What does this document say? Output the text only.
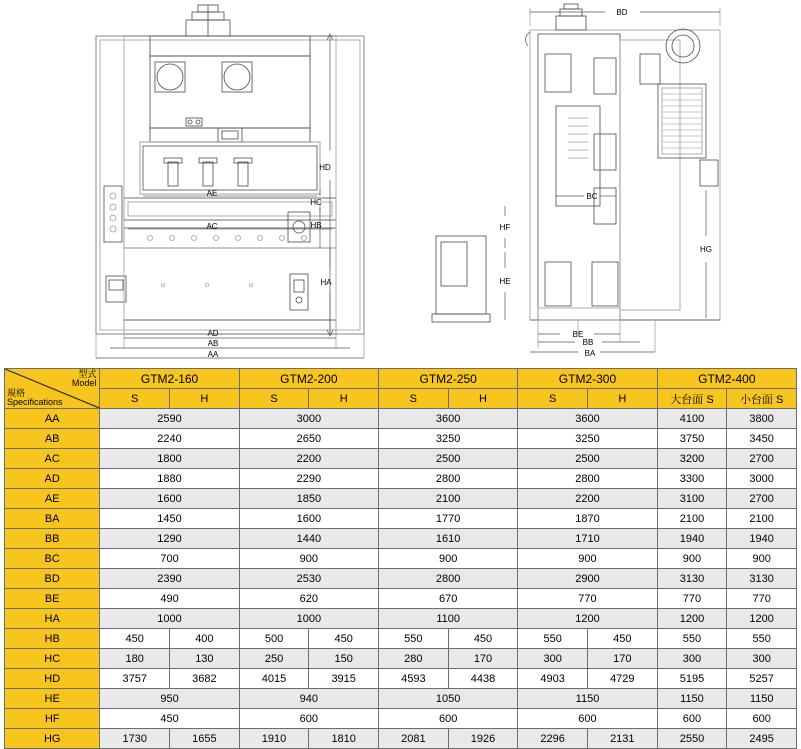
HD
HC
HB
HA
AE
AC
AD
AB
AA
BD
BC
HF
HE
HG
BE
BB
BA
型式
Model
規格
Specifications	GTM2-160		GTM2-200		GTM2-250		GTM2-300		GTM2-400	
	S	H	S	H	S	H	S	H	大台面 S	小台面 S
AA	2590		3000		3600		3600		4100	3800
AB	2240		2650		3250		3250		3750	3450
AC	1800		2200		2500		2500		3200	2700
AD	1880		2290		2800		2800		3300	3000
AE	1600		1850		2100		2200		3100	2700
BA	1450		1600		1770		1870		2100	2100
BB	1290		1440		1610		1710		1940	1940
BC	700		900		900		900		900	900
BD	2390		2530		2800		2900		3130	3130
BE	490		620		670		770		770	770
HA	1000		1000		1100		1200		1200	1200
HB	450	400	500	450	550	450	550	450	550	550
HC	180	130	250	150	280	170	300	170	300	300
HD	3757	3682	4015	3915	4593	4438	4903	4729	5195	5257
HE	950		940		1050		1150		1150	1150
HF	450		600		600		600		600	600
HG	1730	1655	1910	1810	2081	1926	2296	2131	2550	2495
